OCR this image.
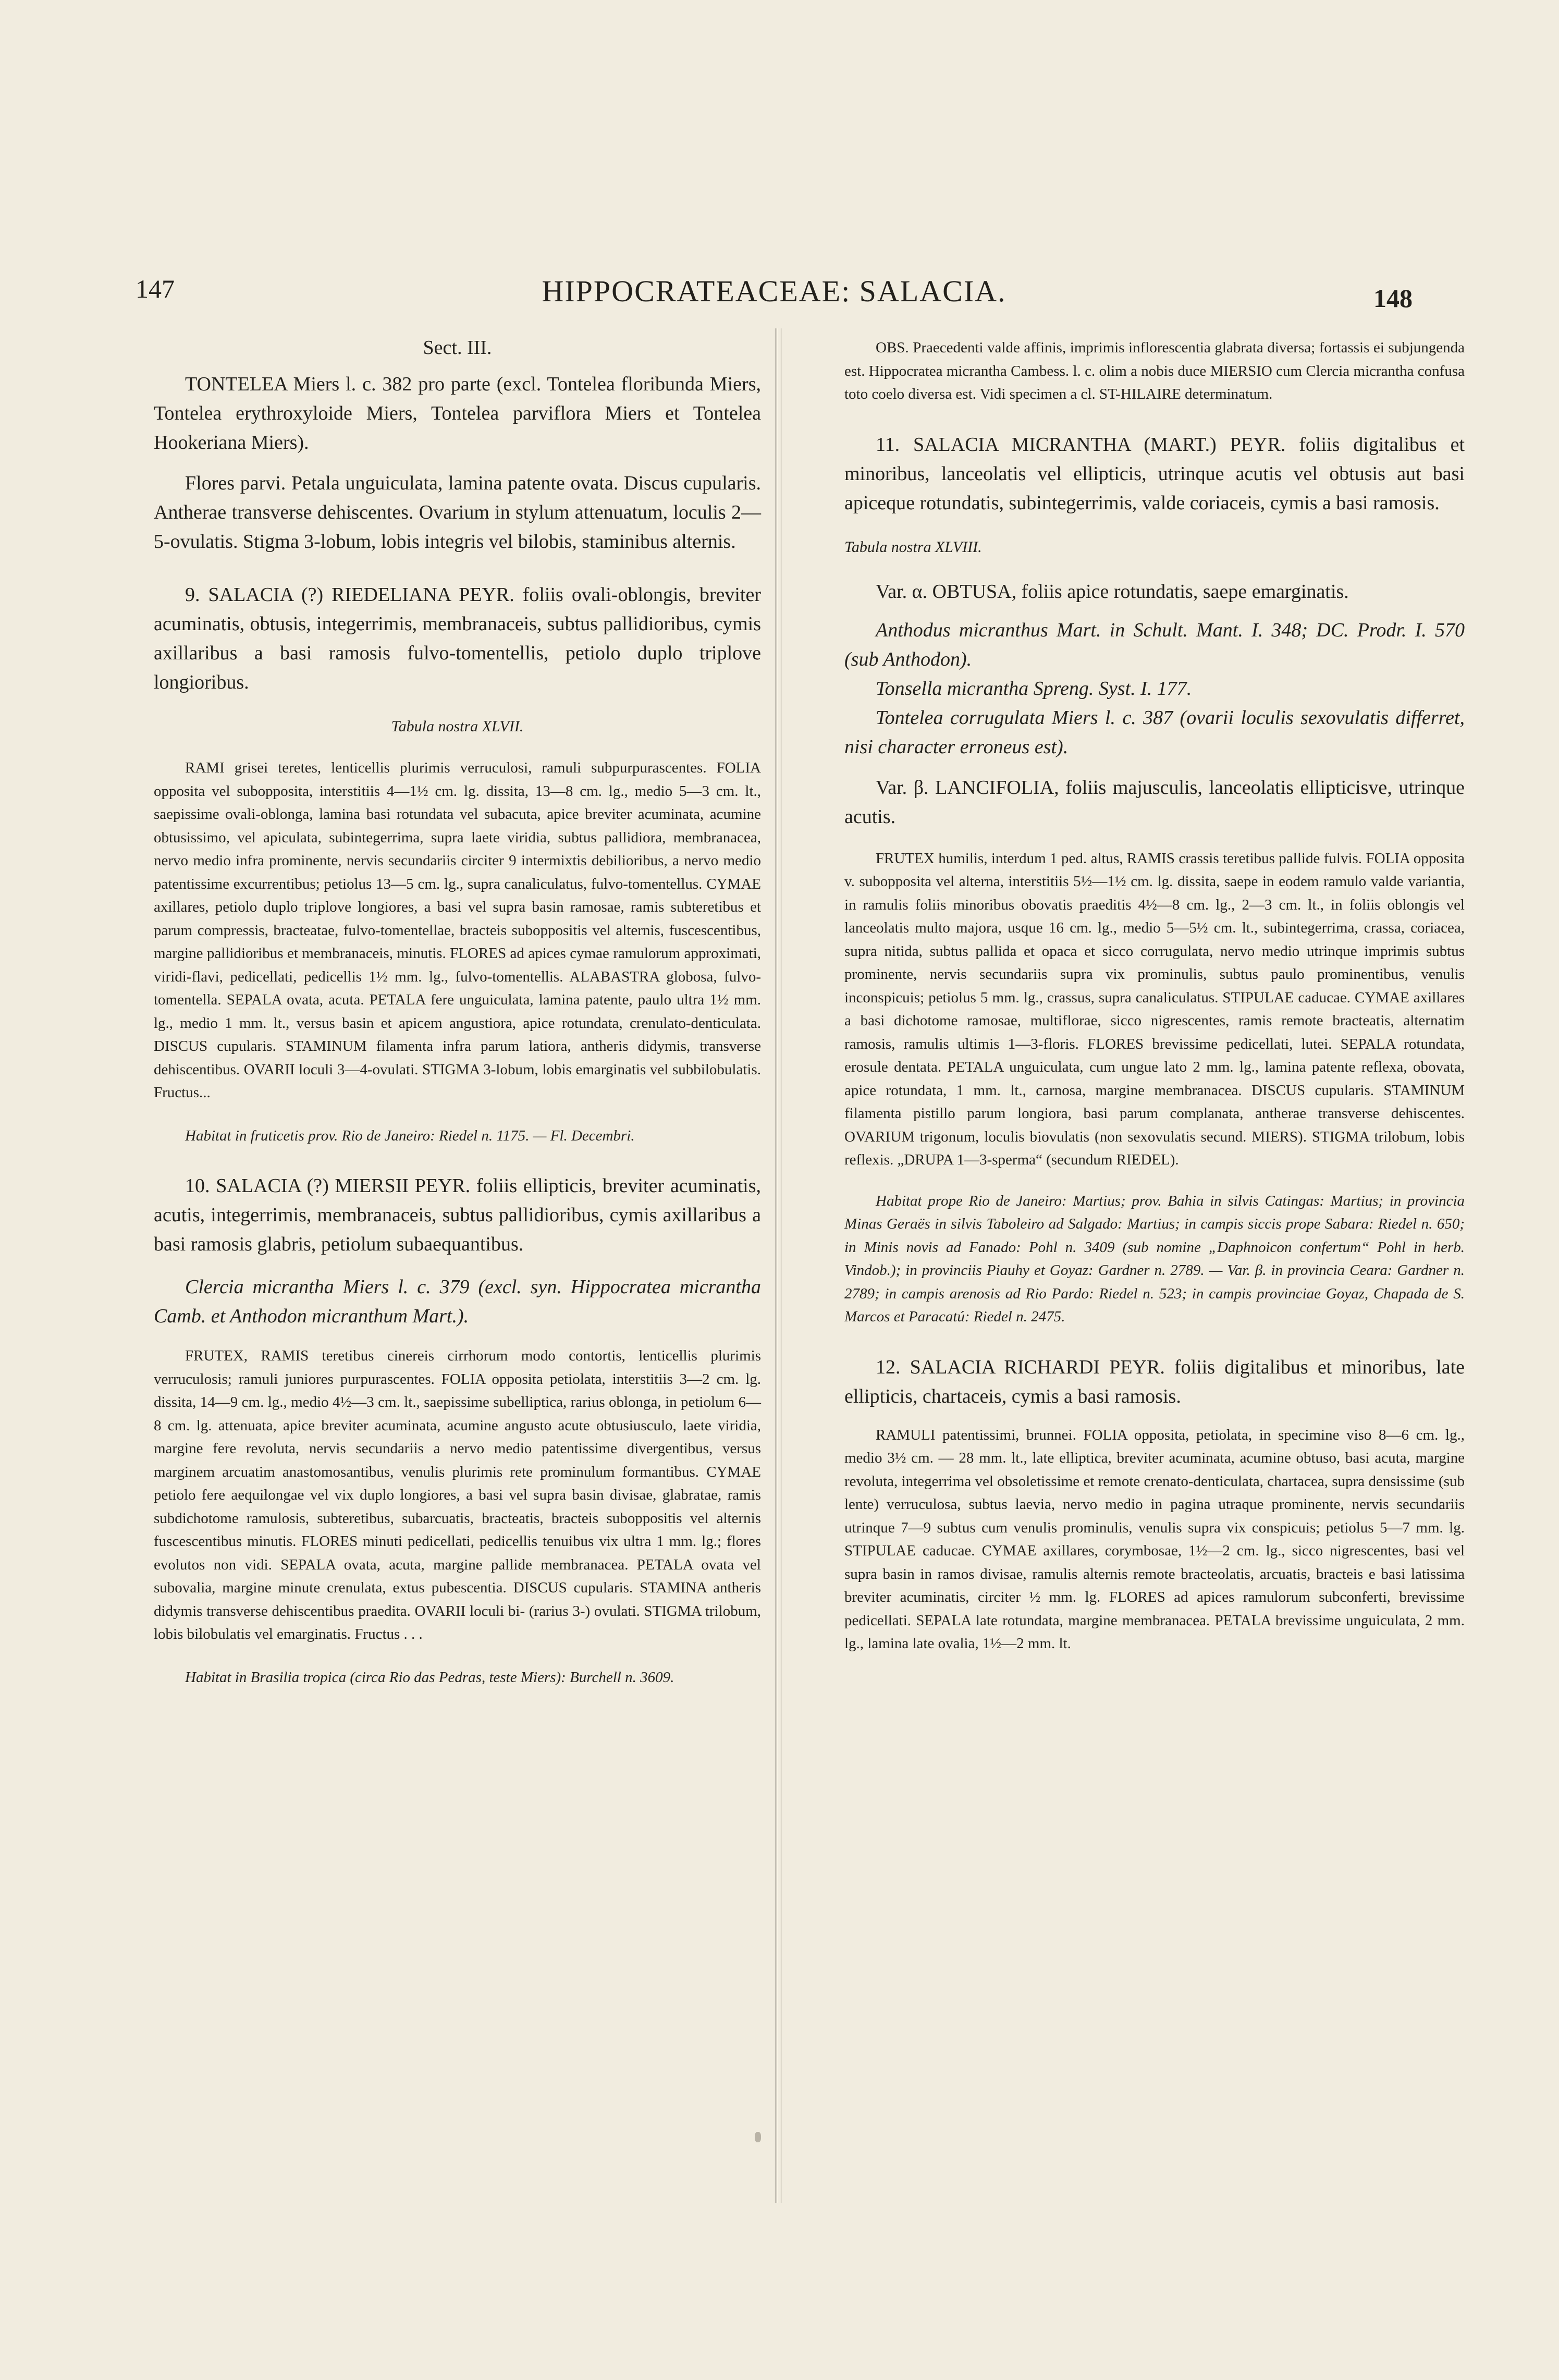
147	HIPPOCRATEACEAE: SALACIA.	148

Sect. III.

TONTELEA Miers l. c. 382 pro parte (excl. Tontelea floribunda Miers, Tontelea erythroxyloide Miers, Tontelea parviflora Miers et Tontelea Hookeriana Miers).

Flores parvi. Petala unguiculata, lamina patente ovata. Discus cupularis. Antherae transverse dehiscentes. Ovarium in stylum attenuatum, loculis 2—5-ovulatis. Stigma 3-lobum, lobis integris vel bilobis, staminibus alternis.

9. SALACIA (?) RIEDELIANA PEYR. foliis ovali-oblongis, breviter acuminatis, obtusis, integerrimis, membranaceis, subtus pallidioribus, cymis axillaribus a basi ramosis fulvo-tomentellis, petiolo duplo triplove longioribus.

Tabula nostra XLVII.

RAMI grisei teretes, lenticellis plurimis verruculosi, ramuli subpurpurascentes. FOLIA opposita vel subopposita, interstitiis 4—1½ cm. lg. dissita, 13—8 cm. lg., medio 5—3 cm. lt., saepissime ovali-oblonga, lamina basi rotundata vel subacuta, apice breviter acuminata, acumine obtusissimo, vel apiculata, subintegerrima, supra laete viridia, subtus pallidiora, membranacea, nervo medio infra prominente, nervis secundariis circiter 9 intermixtis debilioribus, a nervo medio patentissime excurrentibus; petiolus 13—5 cm. lg., supra canaliculatus, fulvo-tomentellus. CYMAE axillares, petiolo duplo triplove longiores, a basi vel supra basin ramosae, ramis subteretibus et parum compressis, bracteatae, fulvo-tomentellae, bracteis suboppositis vel alternis, fuscescentibus, margine pallidioribus et membranaceis, minutis. FLORES ad apices cymae ramulorum approximati, viridi-flavi, pedicellati, pedicellis 1½ mm. lg., fulvo-tomentellis. ALABASTRA globosa, fulvo-tomentella. SEPALA ovata, acuta. PETALA fere unguiculata, lamina patente, paulo ultra 1½ mm. lg., medio 1 mm. lt., versus basin et apicem angustiora, apice rotundata, crenulato-denticulata. DISCUS cupularis. STAMINUM filamenta infra parum latiora, antheris didymis, transverse dehiscentibus. OVARII loculi 3—4-ovulati. STIGMA 3-lobum, lobis emarginatis vel subbilobulatis. Fructus...

Habitat in fruticetis prov. Rio de Janeiro: Riedel n. 1175. — Fl. Decembri.

10. SALACIA (?) MIERSII PEYR. foliis ellipticis, breviter acuminatis, acutis, integerrimis, membranaceis, subtus pallidioribus, cymis axillaribus a basi ramosis glabris, petiolum subaequantibus.

Clercia micrantha Miers l. c. 379 (excl. syn. Hippocratea micrantha Camb. et Anthodon micranthum Mart.).

FRUTEX, RAMIS teretibus cinereis cirrhorum modo contortis, lenticellis plurimis verruculosis; ramuli juniores purpurascentes. FOLIA opposita petiolata, interstitiis 3—2 cm. lg. dissita, 14—9 cm. lg., medio 4½—3 cm. lt., saepissime subelliptica, rarius oblonga, in petiolum 6—8 cm. lg. attenuata, apice breviter acuminata, acumine angusto acute obtusiusculo, laete viridia, margine fere revoluta, nervis secundariis a nervo medio patentissime divergentibus, versus marginem arcuatim anastomosantibus, venulis plurimis rete prominulum formantibus. CYMAE petiolo fere aequilongae vel vix duplo longiores, a basi vel supra basin divisae, glabratae, ramis subdichotome ramulosis, subteretibus, subarcuatis, bracteatis, bracteis suboppositis vel alternis fuscescentibus minutis. FLORES minuti pedicellati, pedicellis tenuibus vix ultra 1 mm. lg.; flores evolutos non vidi. SEPALA ovata, acuta, margine pallide membranacea. PETALA ovata vel subovalia, margine minute crenulata, extus pubescentia. DISCUS cupularis. STAMINA antheris didymis transverse dehiscentibus praedita. OVARII loculi bi- (rarius 3-) ovulati. STIGMA trilobum, lobis bilobulatis vel emarginatis. Fructus . . .

Habitat in Brasilia tropica (circa Rio das Pedras, teste Miers): Burchell n. 3609.

OBS. Praecedenti valde affinis, imprimis inflorescentia glabrata diversa; fortassis ei subjungenda est. Hippocratea micrantha Cambess. l. c. olim a nobis duce MIERSIO cum Clercia micrantha confusa toto coelo diversa est. Vidi specimen a cl. ST-HILAIRE determinatum.

11. SALACIA MICRANTHA (MART.) PEYR. foliis digitalibus et minoribus, lanceolatis vel ellipticis, utrinque acutis vel obtusis aut basi apiceque rotundatis, subintegerrimis, valde coriaceis, cymis a basi ramosis.

Tabula nostra XLVIII.

Var. α. OBTUSA, foliis apice rotundatis, saepe emarginatis.

Anthodus micranthus Mart. in Schult. Mant. I. 348; DC. Prodr. I. 570 (sub Anthodon).

Tonsella micrantha Spreng. Syst. I. 177.

Tontelea corrugulata Miers l. c. 387 (ovarii loculis sexovulatis differret, nisi character erroneus est).

Var. β. LANCIFOLIA, foliis majusculis, lanceolatis ellipticisve, utrinque acutis.

FRUTEX humilis, interdum 1 ped. altus, RAMIS crassis teretibus pallide fulvis. FOLIA opposita v. subopposita vel alterna, interstitiis 5½—1½ cm. lg. dissita, saepe in eodem ramulo valde variantia, in ramulis foliis minoribus obovatis praeditis 4½—8 cm. lg., 2—3 cm. lt., in foliis oblongis vel lanceolatis multo majora, usque 16 cm. lg., medio 5—5½ cm. lt., subintegerrima, crassa, coriacea, supra nitida, subtus pallida et opaca et sicco corrugulata, nervo medio utrinque imprimis subtus prominente, nervis secundariis supra vix prominulis, subtus paulo prominentibus, venulis inconspicuis; petiolus 5 mm. lg., crassus, supra canaliculatus. STIPULAE caducae. CYMAE axillares a basi dichotome ramosae, multiflorae, sicco nigrescentes, ramis remote bracteatis, alternatim ramosis, ramulis ultimis 1—3-floris. FLORES brevissime pedicellati, lutei. SEPALA rotundata, erosule dentata. PETALA unguiculata, cum ungue lato 2 mm. lg., lamina patente reflexa, obovata, apice rotundata, 1 mm. lt., carnosa, margine membranacea. DISCUS cupularis. STAMINUM filamenta pistillo parum longiora, basi parum complanata, antherae transverse dehiscentes. OVARIUM trigonum, loculis biovulatis (non sexovulatis secund. MIERS). STIGMA trilobum, lobis reflexis. „DRUPA 1—3-sperma“ (secundum RIEDEL).

Habitat prope Rio de Janeiro: Martius; prov. Bahia in silvis Catingas: Martius; in provincia Minas Geraës in silvis Taboleiro ad Salgado: Martius; in campis siccis prope Sabara: Riedel n. 650; in Minis novis ad Fanado: Pohl n. 3409 (sub nomine „Daphnoicon confertum“ Pohl in herb. Vindob.); in provinciis Piauhy et Goyaz: Gardner n. 2789. — Var. β. in provincia Ceara: Gardner n. 2789; in campis arenosis ad Rio Pardo: Riedel n. 523; in campis provinciae Goyaz, Chapada de S. Marcos et Paracatú: Riedel n. 2475.

12. SALACIA RICHARDI PEYR. foliis digitalibus et minoribus, late ellipticis, chartaceis, cymis a basi ramosis.

RAMULI patentissimi, brunnei. FOLIA opposita, petiolata, in specimine viso 8—6 cm. lg., medio 3½ cm. — 28 mm. lt., late elliptica, breviter acuminata, acumine obtuso, basi acuta, margine revoluta, integerrima vel obsoletissime et remote crenato-denticulata, chartacea, supra densissime (sub lente) verruculosa, subtus laevia, nervo medio in pagina utraque prominente, nervis secundariis utrinque 7—9 subtus cum venulis prominulis, venulis supra vix conspicuis; petiolus 5—7 mm. lg. STIPULAE caducae. CYMAE axillares, corymbosae, 1½—2 cm. lg., sicco nigrescentes, basi vel supra basin in ramos divisae, ramulis alternis remote bracteolatis, arcuatis, bracteis e basi latissima breviter acuminatis, circiter ½ mm. lg. FLORES ad apices ramulorum subconferti, brevissime pedicellati. SEPALA late rotundata, margine membranacea. PETALA brevissime unguiculata, 2 mm. lg., lamina late ovalia, 1½—2 mm. lt.
